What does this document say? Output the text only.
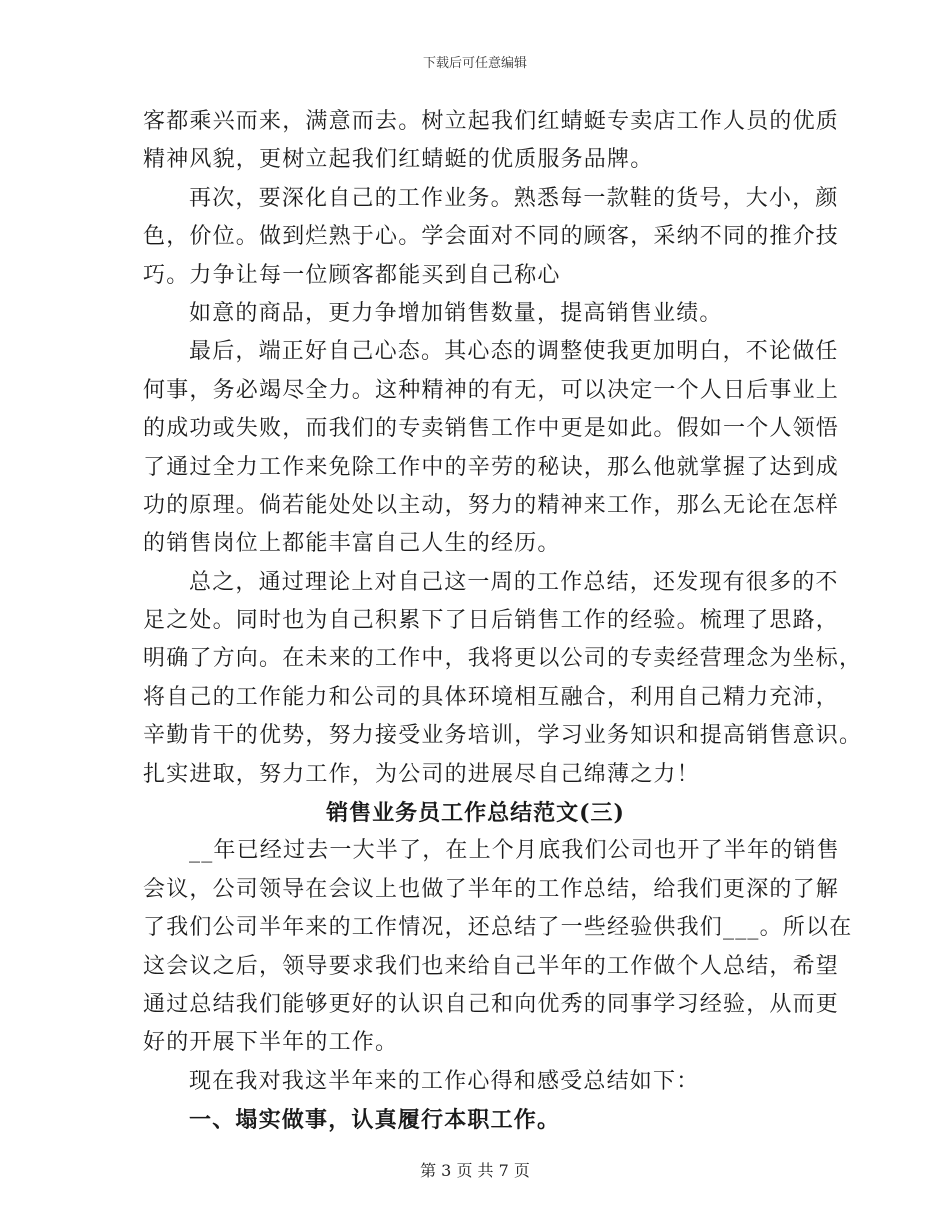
下载后可任意编辑
客都乘兴而来，满意而去。树立起我们红蜻蜓专卖店工作人员的优质
精神风貌，更树立起我们红蜻蜓的优质服务品牌。
再次，要深化自己的工作业务。熟悉每一款鞋的货号，大小，颜
色，价位。做到烂熟于心。学会面对不同的顾客，采纳不同的推介技
巧。力争让每一位顾客都能买到自己称心
如意的商品，更力争增加销售数量，提高销售业绩。
最后，端正好自己心态。其心态的调整使我更加明白，不论做任
何事，务必竭尽全力。这种精神的有无，可以决定一个人日后事业上
的成功或失败，而我们的专卖销售工作中更是如此。假如一个人领悟
了通过全力工作来免除工作中的辛劳的秘诀，那么他就掌握了达到成
功的原理。倘若能处处以主动，努力的精神来工作，那么无论在怎样
的销售岗位上都能丰富自己人生的经历。
总之，通过理论上对自己这一周的工作总结，还发现有很多的不
足之处。同时也为自己积累下了日后销售工作的经验。梳理了思路，
明确了方向。在未来的工作中，我将更以公司的专卖经营理念为坐标，
将自己的工作能力和公司的具体环境相互融合，利用自己精力充沛，
辛勤肯干的优势，努力接受业务培训，学习业务知识和提高销售意识。
扎实进取，努力工作，为公司的进展尽自己绵薄之力！
销售业务员工作总结范文(三)
__年已经过去一大半了，在上个月底我们公司也开了半年的销售
会议，公司领导在会议上也做了半年的工作总结，给我们更深的了解
了我们公司半年来的工作情况，还总结了一些经验供我们___。所以在
这会议之后，领导要求我们也来给自己半年的工作做个人总结，希望
通过总结我们能够更好的认识自己和向优秀的同事学习经验，从而更
好的开展下半年的工作。
现在我对我这半年来的工作心得和感受总结如下：
一、塌实做事，认真履行本职工作。
第 3 页 共 7 页
